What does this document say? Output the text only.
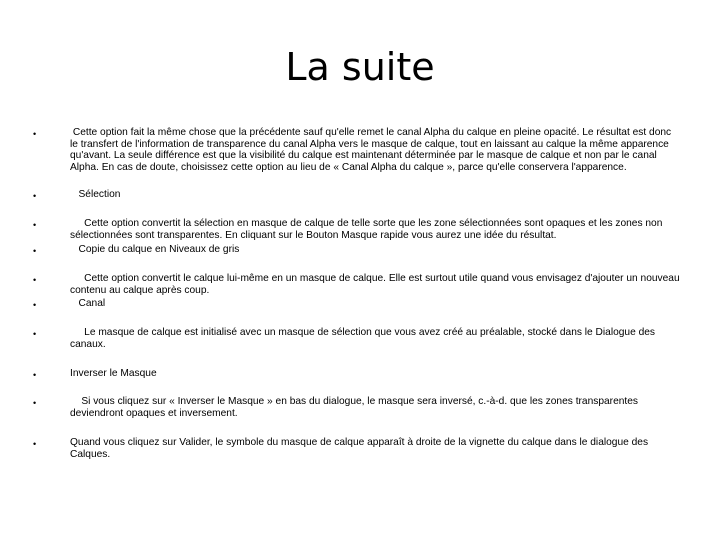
La suite
•	Cette option fait la même chose que la précédente sauf qu'elle remet le canal Alpha du calque en pleine opacité. Le résultat est donc le transfert de l'information de transparence du canal Alpha vers le masque de calque, tout en laissant au calque la même apparence qu'avant. La seule différence est que la visibilité du calque est maintenant déterminée par le masque de calque et non par le canal Alpha. En cas de doute, choisissez cette option au lieu de « Canal Alpha du calque », parce qu'elle conservera l'apparence.
•	Sélection
•	Cette option convertit la sélection en masque de calque de telle sorte que les zone sélectionnées sont opaques et les zones non sélectionnées sont transparentes. En cliquant sur le Bouton Masque rapide vous aurez une idée du résultat.
•	Copie du calque en Niveaux de gris
•	Cette option convertit le calque lui-même en un masque de calque. Elle est surtout utile quand vous envisagez d'ajouter un nouveau contenu au calque après coup.
•	Canal
•	Le masque de calque est initialisé avec un masque de sélection que vous avez créé au préalable, stocké dans le Dialogue des canaux.
•	Inverser le Masque
•	Si vous cliquez sur « Inverser le Masque » en bas du dialogue, le masque sera inversé, c.-à-d. que les zones transparentes deviendront opaques et inversement.
•	Quand vous cliquez sur Valider, le symbole du masque de calque apparaît à droite de la vignette du calque dans le dialogue des Calques.
